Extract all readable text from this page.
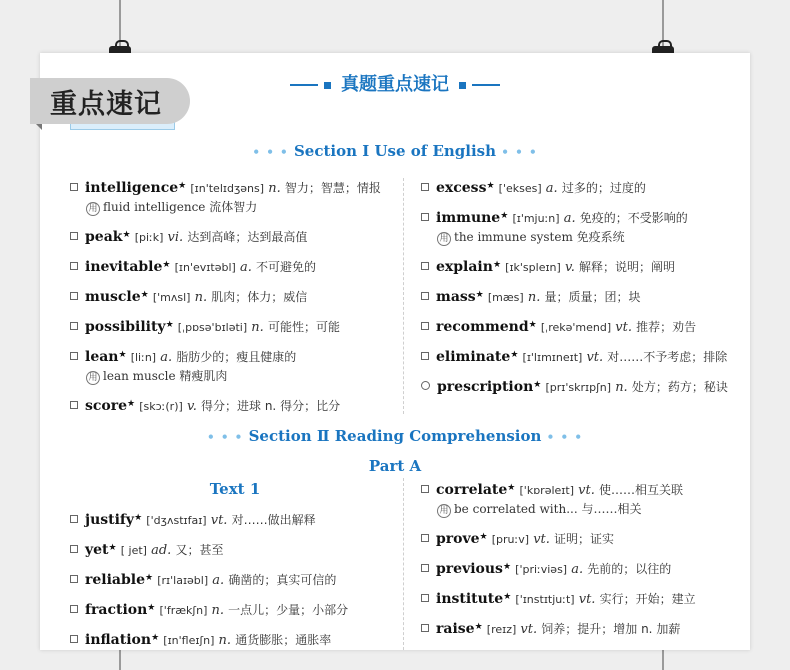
重点速记
真题重点速记
• • • Section Ⅰ Use of English • • •
intelligence★ [ɪn'telɪdʒəns] n. 智力；智慧；情报
用 fluid intelligence 流体智力
peak★ [piːk] vi. 达到高峰；达到最高值
inevitable★ [ɪn'evɪtəbl] a. 不可避免的
muscle★ ['mʌsl] n. 肌肉；体力；威信
possibility★ [ˌpɒsə'bɪləti] n. 可能性；可能
lean★ [liːn] a. 脂肪少的；瘦且健康的
用 lean muscle 精瘦肌肉
score★ [skɔː(r)] v. 得分；进球 n. 得分；比分
excess★ ['ekses] a. 过多的；过度的
immune★ [ɪ'mjuːn] a. 免疫的；不受影响的
用 the immune system 免疫系统
explain★ [ɪk'spleɪn] v. 解释；说明；阐明
mass★ [mæs] n. 量；质量；团；块
recommend★ [ˌrekə'mend] vt. 推荐；劝告
eliminate★ [ɪ'lɪmɪneɪt] vt. 对……不予考虑；排除
prescription★ [prɪ'skrɪpʃn] n. 处方；药方；秘诀
• • • Section Ⅱ Reading Comprehension • • •
Part A
Text 1
justify★ ['dʒʌstɪfaɪ] vt. 对……做出解释
yet★ [ jet] ad. 又；甚至
reliable★ [rɪ'laɪəbl] a. 确凿的；真实可信的
fraction★ ['frækʃn] n. 一点儿；少量；小部分
inflation★ [ɪn'fleɪʃn] n. 通货膨胀；通胀率
correlate★ ['kɒrəleɪt] vt. 使……相互关联
用 be correlated with... 与……相关
prove★ [pruːv] vt. 证明；证实
previous★ ['priːviəs] a. 先前的；以往的
institute★ ['ɪnstɪtjuːt] vt. 实行；开始；建立
raise★ [reɪz] vt. 饲养；提升；增加 n. 加薪
